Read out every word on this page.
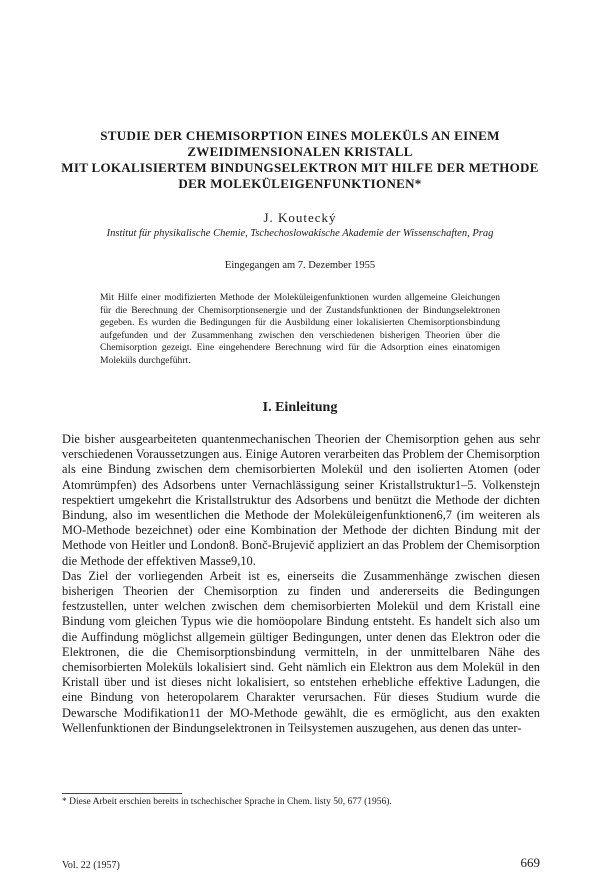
STUDIE DER CHEMISORPTION EINES MOLEKÜLS AN EINEM
ZWEIDIMENSIONALEN KRISTALL
MIT LOKALISIERTEM BINDUNGSELEKTRON MIT HILFE DER METHODE
DER MOLEKÜLEIGENFUNKTIONEN*
J. Koutecký
Institut für physikalische Chemie, Tschechoslowakische Akademie der Wissenschaften, Prag
Eingegangen am 7. Dezember 1955
Mit Hilfe einer modifizierten Methode der Moleküleigenfunktionen wurden allgemeine Gleichungen für die Berechnung der Chemisorptionsenergie und der Zustandsfunktionen der Bindungselektronen gegeben. Es wurden die Bedingungen für die Ausbildung einer lokalisierten Chemisorptionsbindung aufgefunden und der Zusammenhang zwischen den verschiedenen bisherigen Theorien über die Chemisorption gezeigt. Eine eingehendere Berechnung wird für die Adsorption eines einatomigen Moleküls durchgeführt.
I. Einleitung

Die bisher ausgearbeiteten quantenmechanischen Theorien der Chemisorption gehen aus sehr verschiedenen Voraussetzungen aus. Einige Autoren verarbeiten das Problem der Chemisorption als eine Bindung zwischen dem chemisorbierten Molekül und den isolierten Atomen (oder Atomrümpfen) des Adsorbens unter Vernachlässigung seiner Kristallstruktur1–5. Volkenstejn respektiert umgekehrt die Kristallstruktur des Adsorbens und benützt die Methode der dichten Bindung, also im wesentlichen die Methode der Moleküleigenfunktionen6,7 (im weiteren als MO-Methode bezeichnet) oder eine Kombination der Methode der dichten Bindung mit der Methode von Heitler und London8. Bonč-Brujevič appliziert an das Problem der Chemisorption die Methode der effektiven Masse9,10.

Das Ziel der vorliegenden Arbeit ist es, einerseits die Zusammenhänge zwischen diesen bisherigen Theorien der Chemisorption zu finden und andererseits die Bedingungen festzustellen, unter welchen zwischen dem chemisorbierten Molekül und dem Kristall eine Bindung vom gleichen Typus wie die homöopolare Bindung entsteht. Es handelt sich also um die Auffindung möglichst allgemein gültiger Bedingungen, unter denen das Elektron oder die Elektronen, die die Chemisorptionsbindung vermitteln, in der unmittelbaren Nähe des chemisorbierten Moleküls lokalisiert sind. Geht nämlich ein Elektron aus dem Molekül in den Kristall über und ist dieses nicht lokalisiert, so entstehen erhebliche effektive Ladungen, die eine Bindung von heteropolarem Charakter verursachen. Für dieses Studium wurde die Dewarsche Modifikation11 der MO-Methode gewählt, die es ermöglicht, aus den exakten Wellenfunktionen der Bindungselektronen in Teilsystemen auszugehen, aus denen das unter-

* Diese Arbeit erschien bereits in tschechischer Sprache in Chem. listy 50, 677 (1956).
Vol. 22 (1957)	669
